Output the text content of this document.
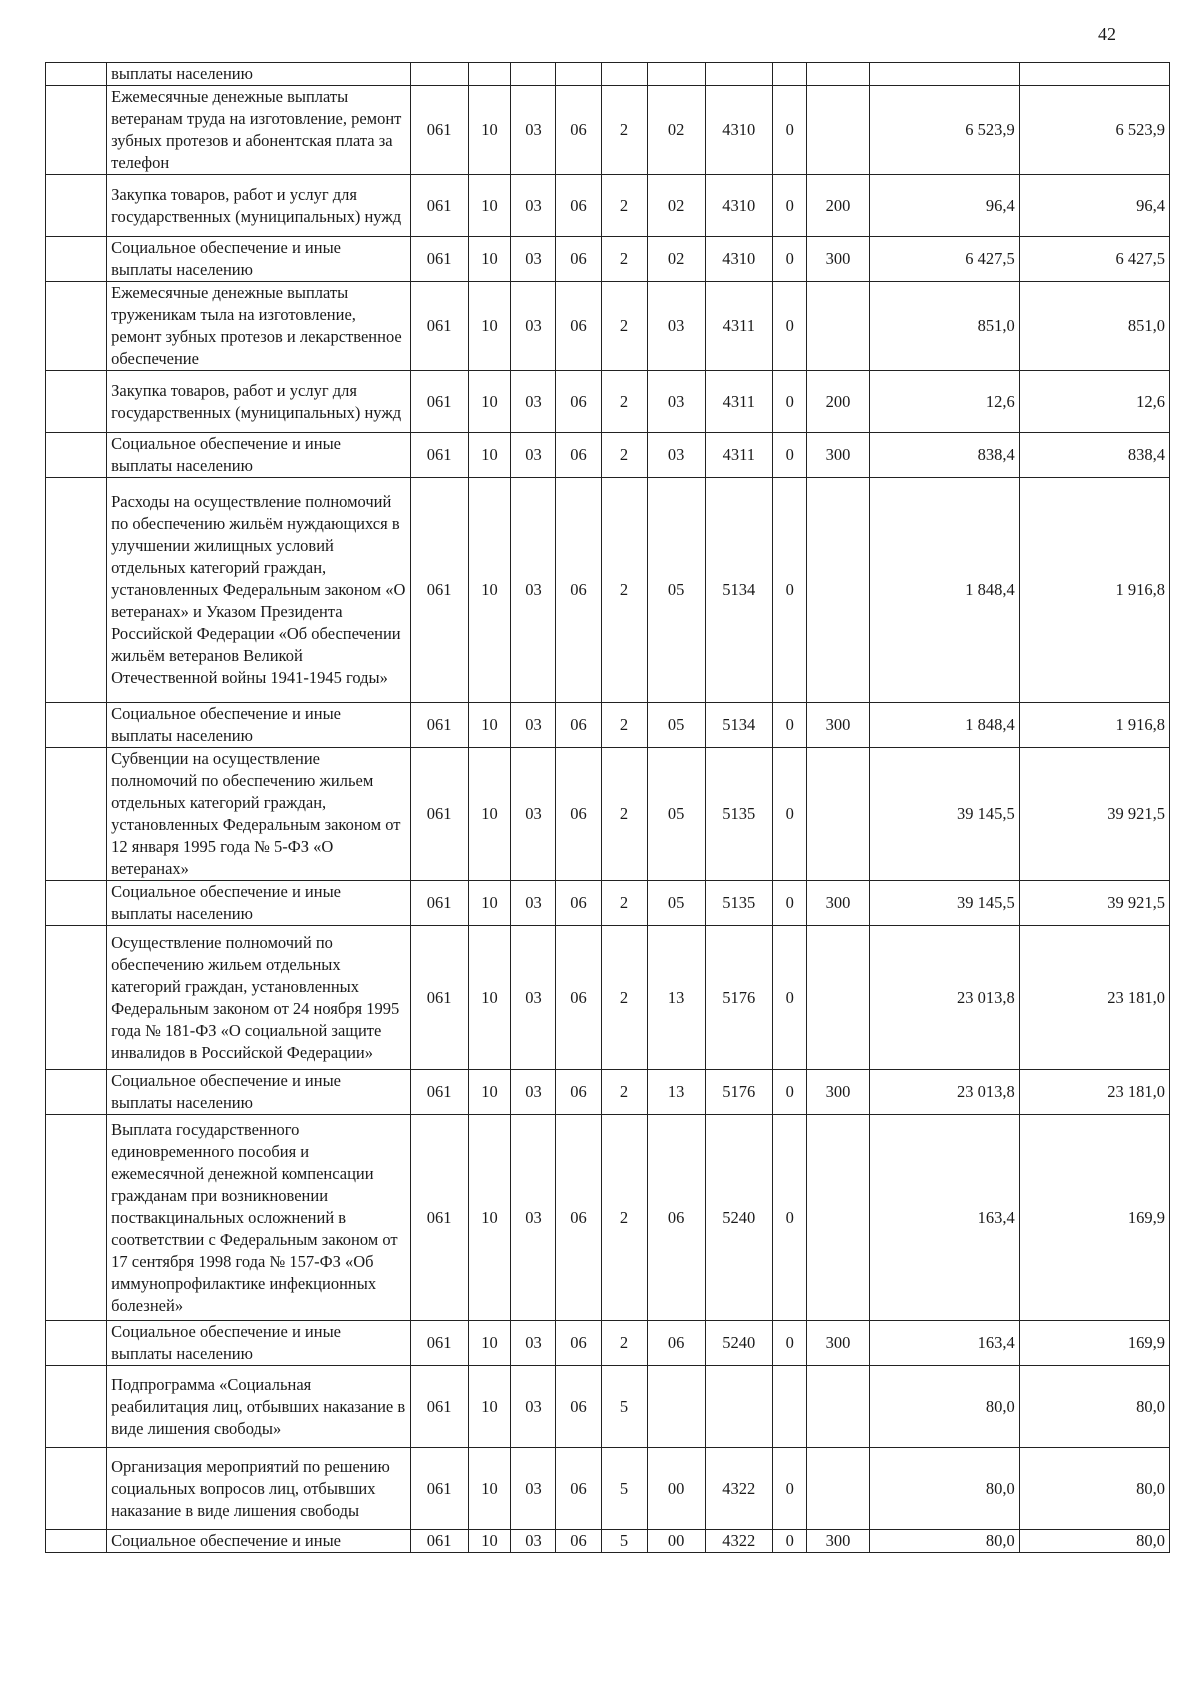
42
	выплаты населению											
	Ежемесячные денежные выплаты ветеранам труда на изготовление, ремонт зубных протезов и абонентская плата за телефон	061	10	03	06	2	02	4310	0		6 523,9	6 523,9
	Закупка товаров, работ и услуг для государственных (муниципальных) нужд	061	10	03	06	2	02	4310	0	200	96,4	96,4
	Социальное обеспечение и иные выплаты населению	061	10	03	06	2	02	4310	0	300	6 427,5	6 427,5
	Ежемесячные денежные выплаты труженикам тыла на изготовление, ремонт зубных протезов и лекарственное обеспечение	061	10	03	06	2	03	4311	0		851,0	851,0
	Закупка товаров, работ и услуг для государственных (муниципальных) нужд	061	10	03	06	2	03	4311	0	200	12,6	12,6
	Социальное обеспечение и иные выплаты населению	061	10	03	06	2	03	4311	0	300	838,4	838,4
	Расходы на осуществление полномочий по обеспечению жильём нуждающихся в улучшении жилищных условий отдельных категорий граждан, установленных Федеральным законом «О ветеранах» и Указом Президента Российской Федерации «Об обеспечении жильём ветеранов Великой Отечественной войны 1941-1945 годы»	061	10	03	06	2	05	5134	0		1 848,4	1 916,8
	Социальное обеспечение и иные выплаты населению	061	10	03	06	2	05	5134	0	300	1 848,4	1 916,8
	Субвенции на осуществление полномочий по обеспечению жильем отдельных категорий граждан, установленных Федеральным законом от 12 января 1995 года № 5-ФЗ «О ветеранах»	061	10	03	06	2	05	5135	0		39 145,5	39 921,5
	Социальное обеспечение и иные выплаты населению	061	10	03	06	2	05	5135	0	300	39 145,5	39 921,5
	Осуществление полномочий по обеспечению жильем отдельных категорий граждан, установленных Федеральным законом от 24 ноября 1995 года № 181-ФЗ «О социальной защите инвалидов в Российской Федерации»	061	10	03	06	2	13	5176	0		23 013,8	23 181,0
	Социальное обеспечение и иные выплаты населению	061	10	03	06	2	13	5176	0	300	23 013,8	23 181,0
	Выплата государственного единовременного пособия и ежемесячной денежной компенсации гражданам при возникновении поствакцинальных осложнений в соответствии с Федеральным законом от 17 сентября 1998 года № 157-ФЗ «Об иммунопрофилактике инфекционных болезней»	061	10	03	06	2	06	5240	0		163,4	169,9
	Социальное обеспечение и иные выплаты населению	061	10	03	06	2	06	5240	0	300	163,4	169,9
	Подпрограмма «Социальная реабилитация лиц, отбывших наказание в виде лишения свободы»	061	10	03	06	5					80,0	80,0
	Организация мероприятий по решению социальных вопросов лиц, отбывших наказание в виде лишения свободы	061	10	03	06	5	00	4322	0		80,0	80,0
	Социальное обеспечение и иные	061	10	03	06	5	00	4322	0	300	80,0	80,0
